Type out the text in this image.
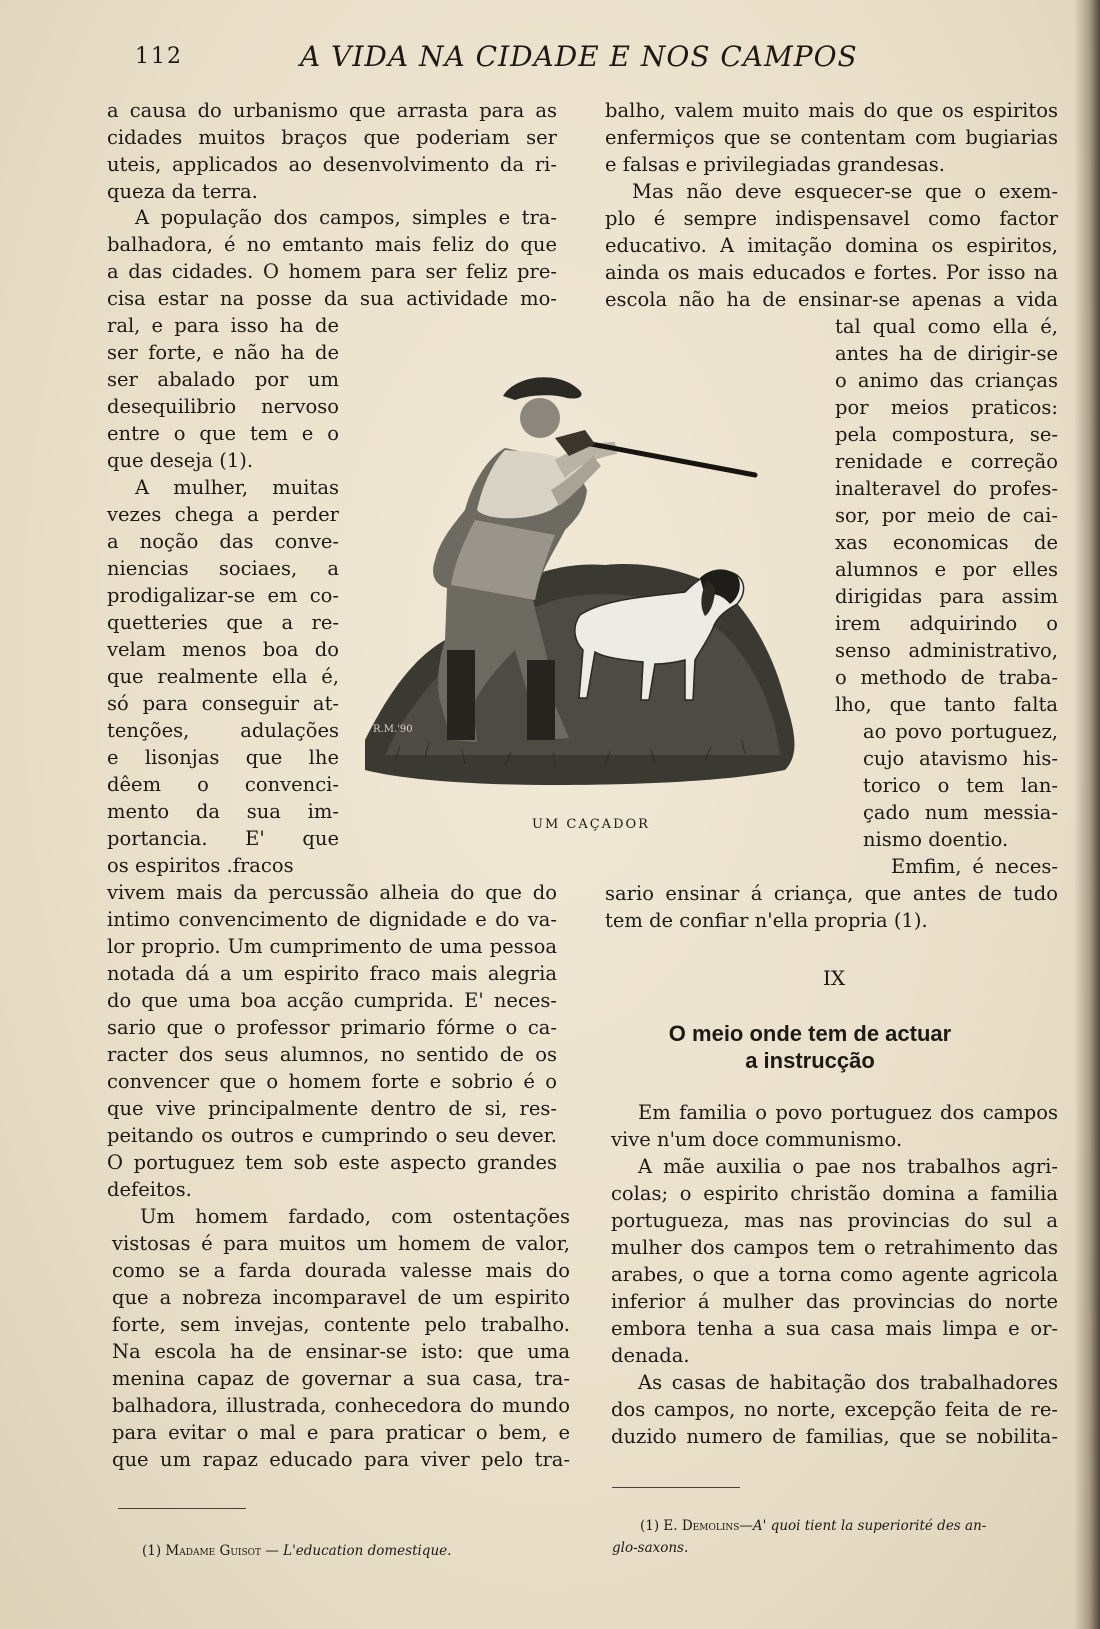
112	A VIDA NA CIDADE E NOS CAMPOS

a causa do urbanismo que arrasta para as

cidades muitos braços que poderiam ser

uteis, applicados ao desenvolvimento da ri-

queza da terra.

A população dos campos, simples e tra-

balhadora, é no emtanto mais feliz do que

a das cidades. O homem para ser feliz pre-

cisa estar na posse da sua actividade mo-

ral, e para isso ha de

ser forte, e não ha de

ser abalado por um

desequilibrio nervoso

entre o que tem e o

que deseja (1).

A mulher, muitas

vezes chega a perder

a noção das conve-

niencias sociaes, a

prodigalizar-se em co-

quetteries que a re-

velam menos boa do

que realmente ella é,

só para conseguir at-

tenções, adulações

e lisonjas que lhe

dêem o convenci-

mento da sua im-

portancia. E' que

os espiritos .fracos

vivem mais da percussão alheia do que do

intimo convencimento de dignidade e do va-

lor proprio. Um cumprimento de uma pessoa

notada dá a um espirito fraco mais alegria

do que uma boa acção cumprida. E' neces-

sario que o professor primario fórme o ca-

racter dos seus alumnos, no sentido de os

convencer que o homem forte e sobrio é o

que vive principalmente dentro de si, res-

peitando os outros e cumprindo o seu dever.

O portuguez tem sob este aspecto grandes

defeitos.

Um homem fardado, com ostentações

vistosas é para muitos um homem de valor,

como se a farda dourada valesse mais do

que a nobreza incomparavel de um espirito

forte, sem invejas, contente pelo trabalho.

Na escola ha de ensinar-se isto: que uma

menina capaz de governar a sua casa, tra-

balhadora, illustrada, conhecedora do mundo

para evitar o mal e para praticar o bem, e

que um rapaz educado para viver pelo tra-

balho, valem muito mais do que os espiritos

enfermiços que se contentam com bugiarias

e falsas e privilegiadas grandesas.

Mas não deve esquecer-se que o exem-

plo é sempre indispensavel como factor

educativo. A imitação domina os espiritos,

ainda os mais educados e fortes. Por isso na

escola não ha de ensinar-se apenas a vida

tal qual como ella é,

antes ha de dirigir-se

o animo das crianças

por meios praticos:

pela compostura, se-

renidade e correção

inalteravel do profes-

sor, por meio de cai-

xas economicas de

alumnos e por elles

dirigidas para assim

irem adquirindo o

senso administrativo,

o methodo de traba-

lho, que tanto falta

ao povo portuguez,

cujo atavismo his-

torico o tem lan-

çado num messia-

nismo doentio.

Emfim, é neces-

sario ensinar á criança, que antes de tudo

tem de confiar n'ella propria (1).

Em familia o povo portuguez dos campos

vive n'um doce communismo.

A mãe auxilia o pae nos trabalhos agri-

colas; o espirito christão domina a familia

portugueza, mas nas provincias do sul a

mulher dos campos tem o retrahimento das

arabes, o que a torna como agente agricola

inferior á mulher das provincias do norte

embora tenha a sua casa mais limpa e or-

denada.

As casas de habitação dos trabalhadores

dos campos, no norte, excepção feita de re-

duzido numero de familias, que se nobilita-

R.M.'90
UM CAÇADOR
IX
O meio onde tem de actuar
a instrucção
(1) Madame Guisot — L'education domestique.
(1) E. Demolins—A' quoi tient la superiorité des an-
glo-saxons.
